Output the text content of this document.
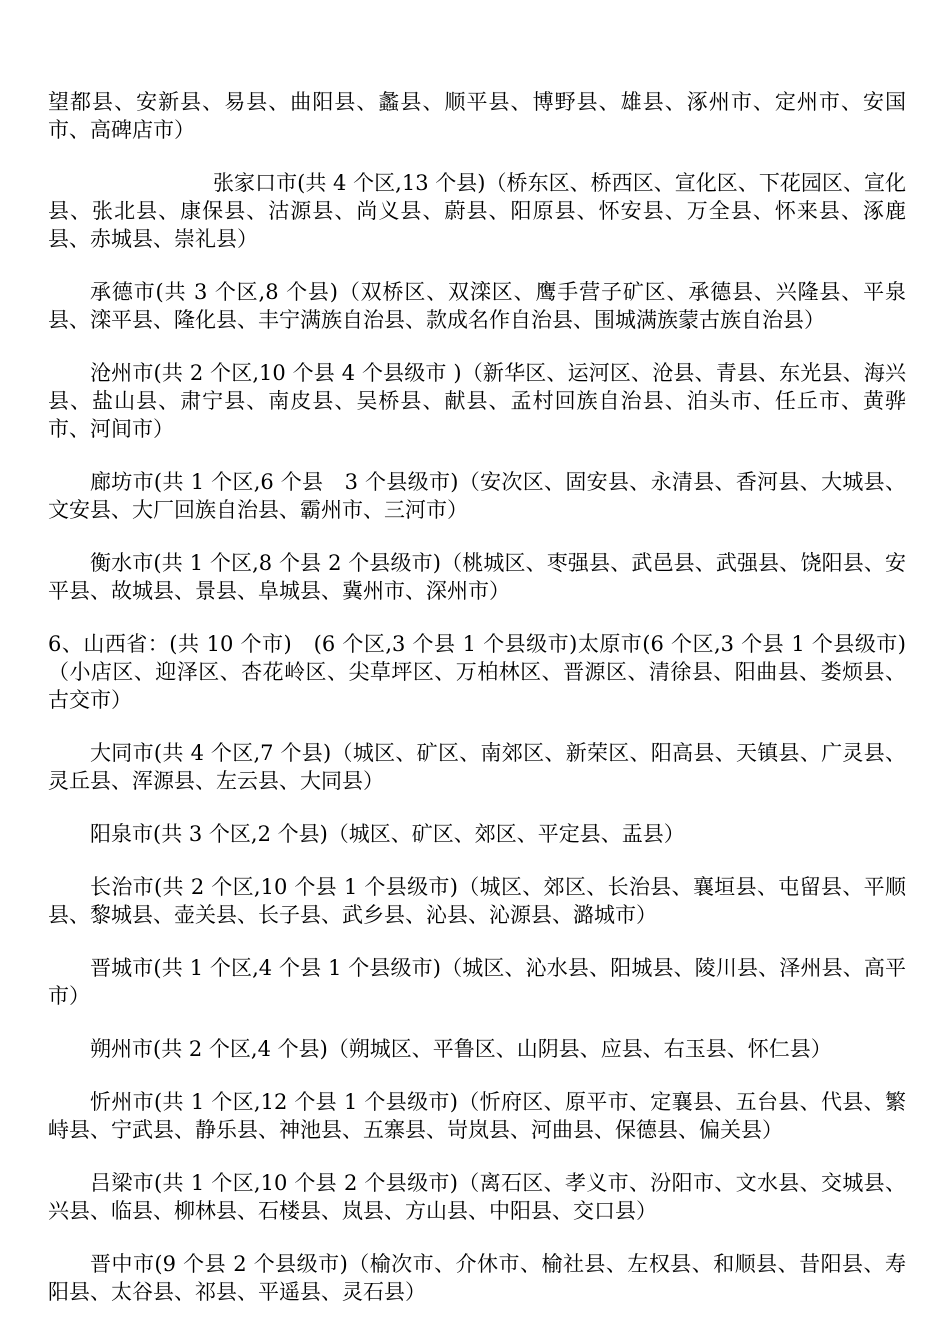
望都县、安新县、易县、曲阳县、蠡县、顺平县、博野县、雄县、涿州市、定州市、安国市、高碑店市）

张家口市(共 4 个区,13 个县)（桥东区、桥西区、宣化区、下花园区、宣化县、张北县、康保县、沽源县、尚义县、蔚县、阳原县、怀安县、万全县、怀来县、涿鹿县、赤城县、崇礼县）

承德市(共 3 个区,8 个县)（双桥区、双滦区、鹰手营子矿区、承德县、兴隆县、平泉县、滦平县、隆化县、丰宁满族自治县、款成名作自治县、围城满族蒙古族自治县）

沧州市(共 2 个区,10 个县 4 个县级市 )（新华区、运河区、沧县、青县、东光县、海兴县、盐山县、肃宁县、南皮县、吴桥县、献县、孟村回族自治县、泊头市、任丘市、黄骅市、河间市）

廊坊市(共 1 个区,6 个县　3 个县级市)（安次区、固安县、永清县、香河县、大城县、文安县、大厂回族自治县、霸州市、三河市）

衡水市(共 1 个区,8 个县 2 个县级市)（桃城区、枣强县、武邑县、武强县、饶阳县、安平县、故城县、景县、阜城县、冀州市、深州市）

6、山西省：(共 10 个市)　(6 个区,3 个县 1 个县级市)太原市(6 个区,3 个县 1 个县级市)（小店区、迎泽区、杏花岭区、尖草坪区、万柏林区、晋源区、清徐县、阳曲县、娄烦县、古交市）

大同市(共 4 个区,7 个县)（城区、矿区、南郊区、新荣区、阳高县、天镇县、广灵县、灵丘县、浑源县、左云县、大同县）

阳泉市(共 3 个区,2 个县)（城区、矿区、郊区、平定县、盂县）

长治市(共 2 个区,10 个县 1 个县级市)（城区、郊区、长治县、襄垣县、屯留县、平顺县、黎城县、壶关县、长子县、武乡县、沁县、沁源县、潞城市）

晋城市(共 1 个区,4 个县 1 个县级市)（城区、沁水县、阳城县、陵川县、泽州县、高平市）

朔州市(共 2 个区,4 个县)（朔城区、平鲁区、山阴县、应县、右玉县、怀仁县）

忻州市(共 1 个区,12 个县 1 个县级市)（忻府区、原平市、定襄县、五台县、代县、繁峙县、宁武县、静乐县、神池县、五寨县、岢岚县、河曲县、保德县、偏关县）

吕梁市(共 1 个区,10 个县 2 个县级市)（离石区、孝义市、汾阳市、文水县、交城县、兴县、临县、柳林县、石楼县、岚县、方山县、中阳县、交口县）

晋中市(9 个县 2 个县级市)（榆次市、介休市、榆社县、左权县、和顺县、昔阳县、寿阳县、太谷县、祁县、平遥县、灵石县）
